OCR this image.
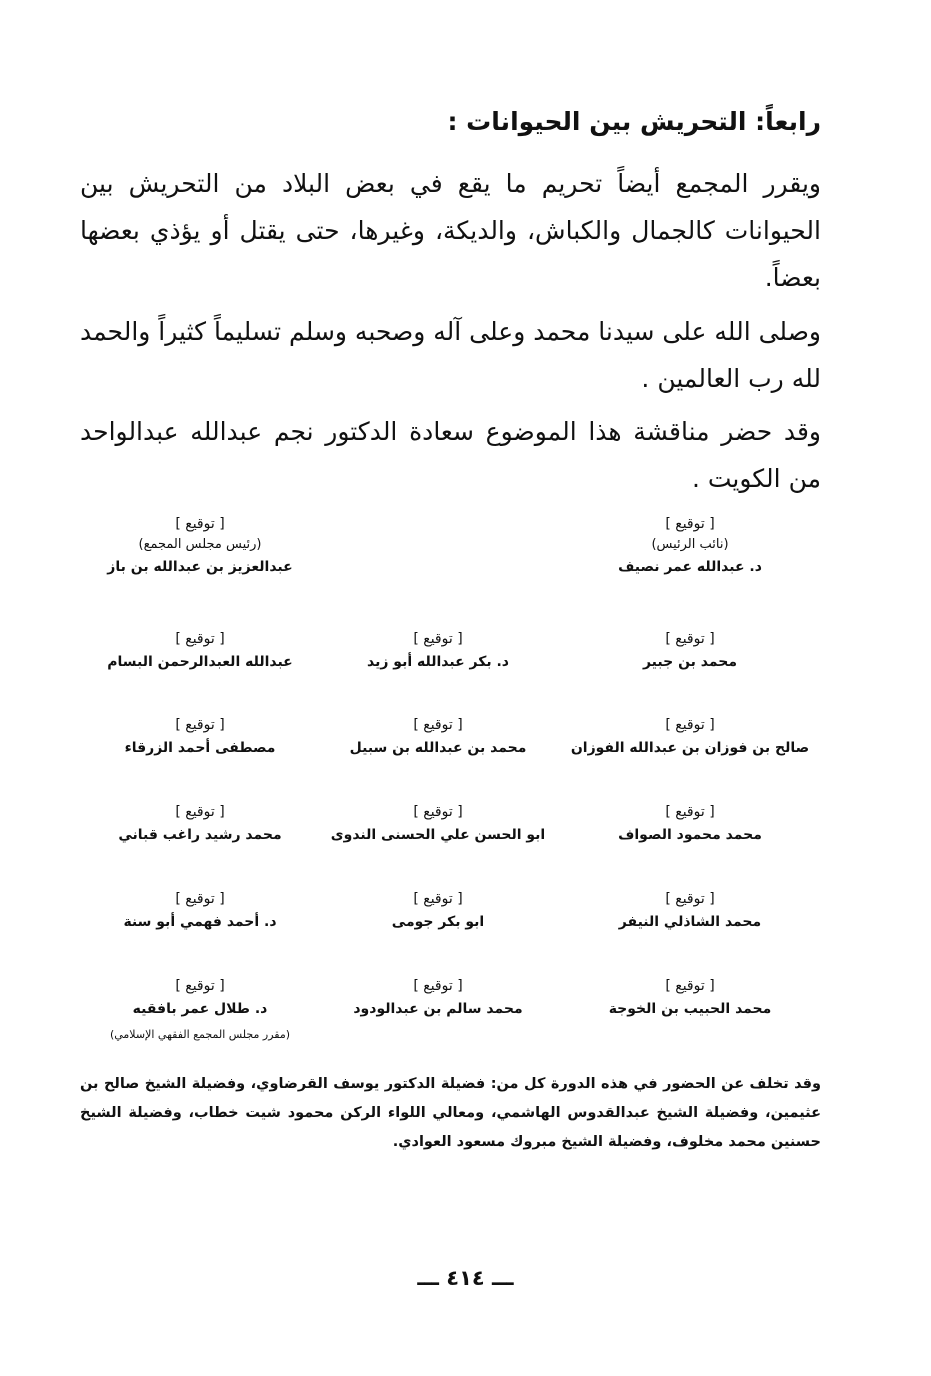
رابعاً: التحريش بين الحيوانات :
ويقرر المجمع أيضاً تحريم ما يقع في بعض البلاد من التحريش بين الحيوانات كالجمال والكباش، والديكة، وغيرها، حتى يقتل أو يؤذي بعضها بعضاً.
وصلى الله على سيدنا محمد وعلى آله وصحبه وسلم تسليماً كثيراً والحمد لله رب العالمين .
وقد حضر مناقشة هذا الموضوع سعادة الدكتور نجم عبدالله عبدالواحد من الكويت .
[ توقيع ]
(نائب الرئيس)
د. عبدالله عمر نصيف
[ توقيع ]
(رئيس مجلس المجمع)
عبدالعزيز بن عبدالله بن باز
[ توقيع ]
محمد بن جبير
[ توقيع ]
د. بكر عبدالله أبو زيد
[ توقيع ]
عبدالله العبدالرحمن البسام
[ توقيع ]
صالح بن فوزان بن عبدالله الفوزان
[ توقيع ]
محمد بن عبدالله بن سبيل
[ توقيع ]
مصطفى أحمد الزرقاء
[ توقيع ]
محمد محمود الصواف
[ توقيع ]
ابو الحسن علي الحسنى الندوى
[ توقيع ]
محمد رشيد راغب قباني
[ توقيع ]
محمد الشاذلي النيفر
[ توقيع ]
ابو بكر جومى
[ توقيع ]
د. أحمد فهمي أبو سنة
[ توقيع ]
محمد الحبيب بن الخوجة
[ توقيع ]
محمد سالم بن عبدالودود
[ توقيع ]
د. طلال عمر بافقيه
(مقرر مجلس المجمع الفقهي الإسلامي)
وقد تخلف عن الحضور في هذه الدورة كل من: فضيلة الدكتور يوسف القرضاوي، وفضيلة الشيخ صالح بن عثيمين، وفضيلة الشيخ عبدالقدوس الهاشمي، ومعالي اللواء الركن محمود شيت خطاب، وفضيلة الشيخ حسنين محمد مخلوف، وفضيلة الشيخ مبروك مسعود العوادي.
ـــ ٤١٤ ـــ
